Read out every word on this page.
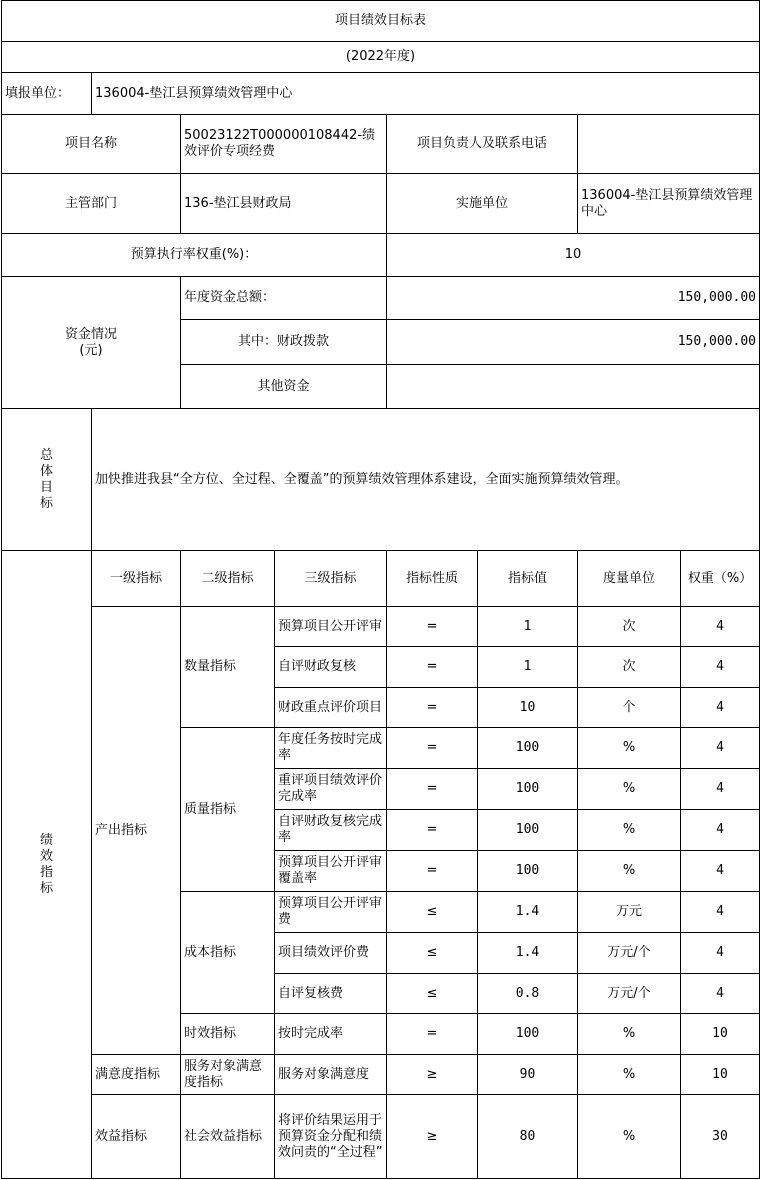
项目绩效目标表							
(2022年度)							
填报单位：	136004-垫江县预算绩效管理中心						
项目名称		50023122T000000108442-绩效评价专项经费		项目负责人及联系电话			
主管部门		136-垫江县财政局		实施单位		136004-垫江县预算绩效管理中心	
预算执行率权重(%)：				10			

资金情况
(元)		年度资金总额：		150,000.00			
		其中：财政拨款		150,000.00			
		其他资金					

总
体
目
标	加快推进我县“全方位、全过程、全覆盖”的预算绩效管理体系建设，全面实施预算绩效管理。						

绩
效
指
标	一级指标	二级指标	三级指标	指标性质	指标值	度量单位	权重（%）
	产出指标	数量指标	预算项目公开评审	=	1	次	4
			自评财政复核	=	1	次	4
			财政重点评价项目	=	10	个	4
		质量指标	年度任务按时完成率	=	100	%	4
			重评项目绩效评价完成率	=	100	%	4
			自评财政复核完成率	=	100	%	4
			预算项目公开评审覆盖率	=	100	%	4
		成本指标	预算项目公开评审费	≤	1.4	万元	4
			项目绩效评价费	≤	1.4	万元/个	4
			自评复核费	≤	0.8	万元/个	4
		时效指标	按时完成率	=	100	%	10
	满意度指标	服务对象满意度指标	服务对象满意度	≥	90	%	10
	效益指标	社会效益指标	将评价结果运用于预算资金分配和绩效问责的“全过程”	≥	80	%	30
